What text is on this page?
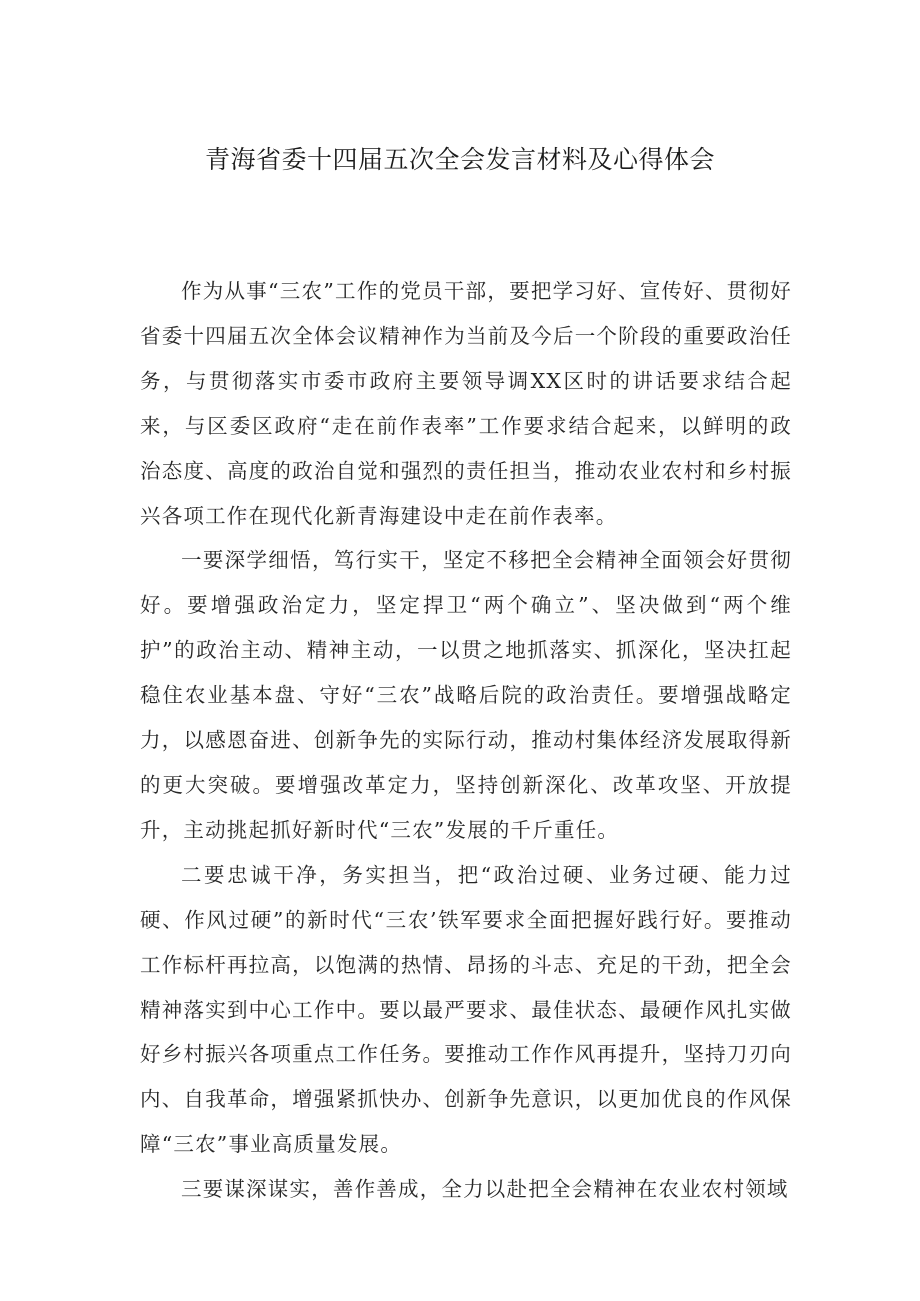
青海省委十四届五次全会发言材料及心得体会

作为从事“三农”工作的党员干部，要把学习好、宣传好、贯彻好省委十四届五次全体会议精神作为当前及今后一个阶段的重要政治任务，与贯彻落实市委市政府主要领导调XX区时的讲话要求结合起来，与区委区政府“走在前作表率”工作要求结合起来，以鲜明的政治态度、高度的政治自觉和强烈的责任担当，推动农业农村和乡村振兴各项工作在现代化新青海建设中走在前作表率。

一要深学细悟，笃行实干，坚定不移把全会精神全面领会好贯彻好。要增强政治定力，坚定捍卫“两个确立”、坚决做到“两个维护”的政治主动、精神主动，一以贯之地抓落实、抓深化，坚决扛起稳住农业基本盘、守好“三农”战略后院的政治责任。要增强战略定力，以感恩奋进、创新争先的实际行动，推动村集体经济发展取得新的更大突破。要增强改革定力，坚持创新深化、改革攻坚、开放提升，主动挑起抓好新时代“三农”发展的千斤重任。

二要忠诚干净，务实担当，把“政治过硬、业务过硬、能力过硬、作风过硬”的新时代“三农’铁军要求全面把握好践行好。要推动工作标杆再拉高，以饱满的热情、昂扬的斗志、充足的干劲，把全会精神落实到中心工作中。要以最严要求、最佳状态、最硬作风扎实做好乡村振兴各项重点工作任务。要推动工作作风再提升，坚持刀刃向内、自我革命，增强紧抓快办、创新争先意识，以更加优良的作风保障“三农”事业高质量发展。

三要谋深谋实，善作善成，全力以赴把全会精神在农业农村领域
